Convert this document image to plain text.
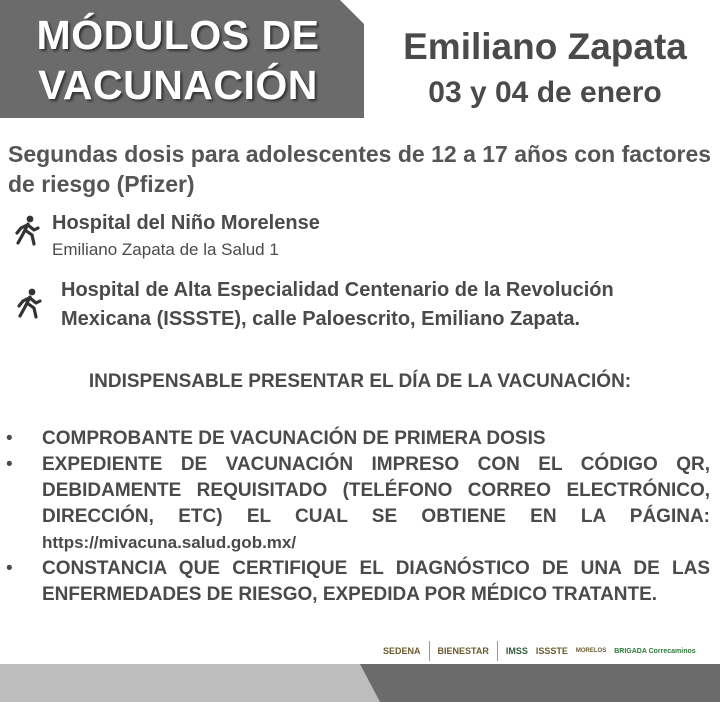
MÓDULOS DE
VACUNACIÓN
Emiliano Zapata
03 y 04 de enero
Segundas dosis para adolescentes de 12 a 17 años con factores de riesgo (Pfizer)
Hospital del Niño Morelense
Emiliano Zapata de la Salud 1
Hospital de Alta Especialidad Centenario de la Revolución Mexicana (ISSSTE), calle Paloescrito, Emiliano Zapata.
INDISPENSABLE PRESENTAR EL DÍA DE LA VACUNACIÓN:
• COMPROBANTE DE VACUNACIÓN DE PRIMERA DOSIS
• EXPEDIENTE DE VACUNACIÓN IMPRESO CON EL CÓDIGO QR, DEBIDAMENTE REQUISITADO (TELÉFONO CORREO ELECTRÓNICO, DIRECCIÓN, ETC) EL CUAL SE OBTIENE EN LA PÁGINA: https://mivacuna.salud.gob.mx/
• CONSTANCIA QUE CERTIFIQUE EL DIAGNÓSTICO DE UNA DE LAS ENFERMEDADES DE RIESGO, EXPEDIDA POR MÉDICO TRATANTE.
SEDENA BIENESTAR IMSS ISSSTE MORELOS BRIGADA Correcaminos
